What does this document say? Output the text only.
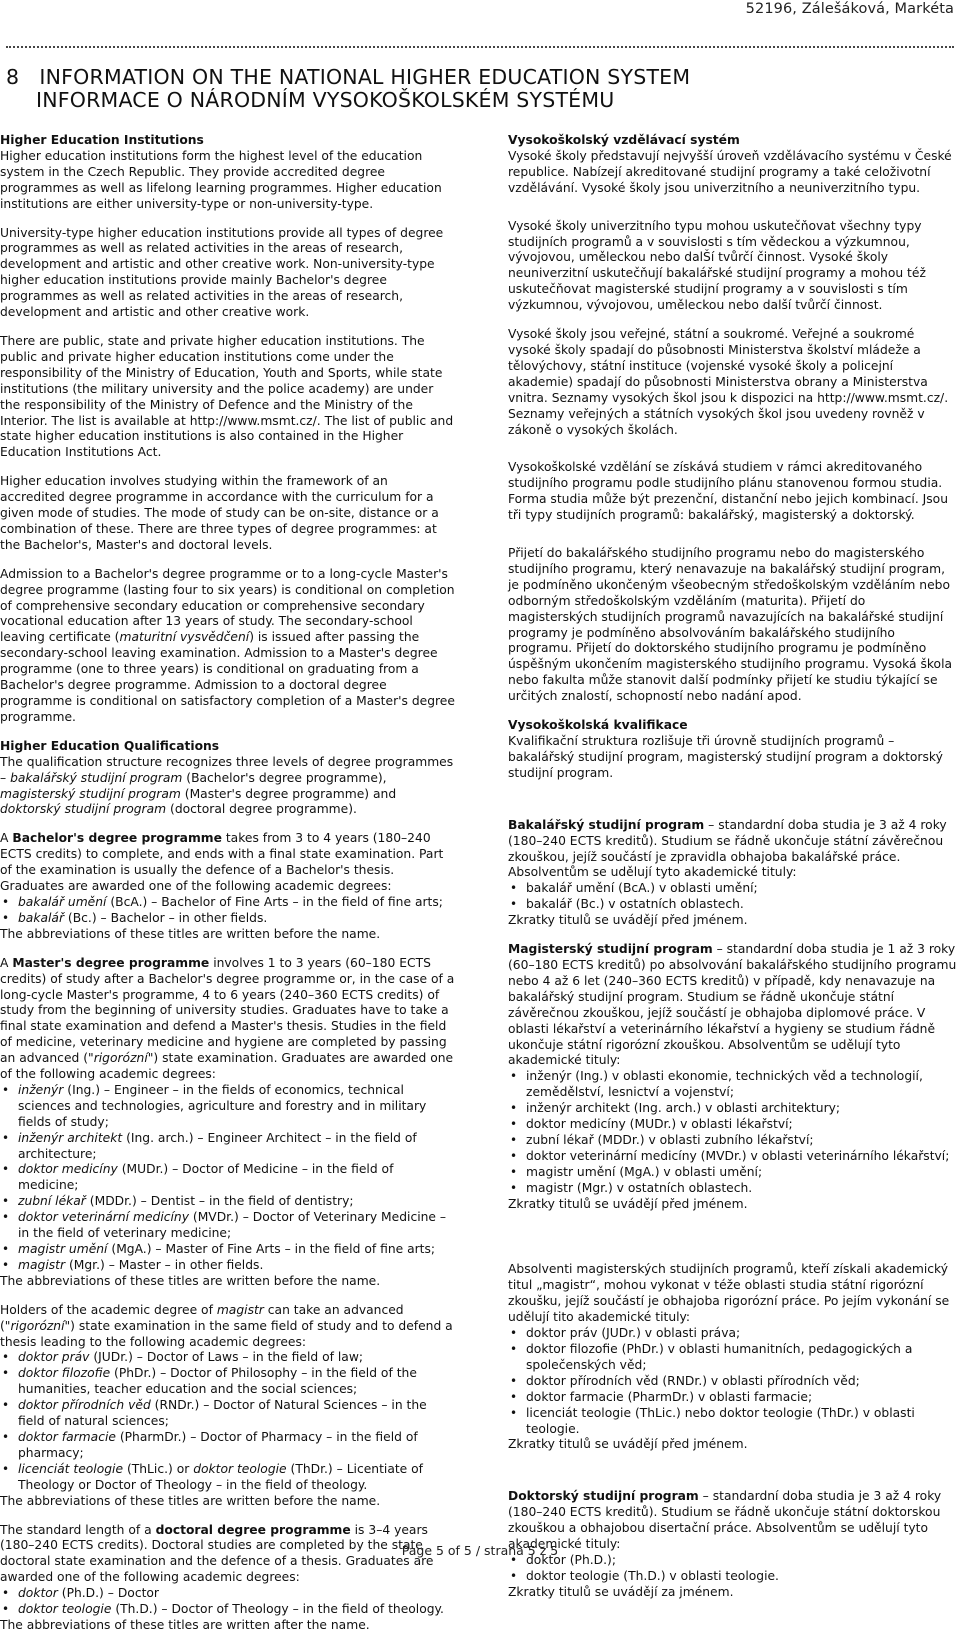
52196, Zálešáková, Markéta
8 INFORMATION ON THE NATIONAL HIGHER EDUCATION SYSTEM
INFORMACE O NÁRODNÍM VYSOKOŠKOLSKÉM SYSTÉMU
Higher Education Institutions

Higher education institutions form the highest level of the education system in the Czech Republic. They provide accredited degree programmes as well as lifelong learning programmes. Higher education institutions are either university-type or non-university-type.

University-type higher education institutions provide all types of degree programmes as well as related activities in the areas of research, development and artistic and other creative work. Non-university-type higher education institutions provide mainly Bachelor's degree programmes as well as related activities in the areas of research, development and artistic and other creative work.

There are public, state and private higher education institutions. The public and private higher education institutions come under the responsibility of the Ministry of Education, Youth and Sports, while state institutions (the military university and the police academy) are under the responsibility of the Ministry of Defence and the Ministry of the Interior. The list is available at http://www.msmt.cz/. The list of public and state higher education institutions is also contained in the Higher Education Institutions Act.

Higher education involves studying within the framework of an accredited degree programme in accordance with the curriculum for a given mode of studies. The mode of study can be on-site, distance or a combination of these. There are three types of degree programmes: at the Bachelor's, Master's and doctoral levels.

Admission to a Bachelor's degree programme or to a long-cycle Master's degree programme (lasting four to six years) is conditional on completion of comprehensive secondary education or comprehensive secondary vocational education after 13 years of study. The secondary-school leaving certificate (maturitní vysvědčení) is issued after passing the secondary-school leaving examination. Admission to a Master's degree programme (one to three years) is conditional on graduating from a Bachelor's degree programme. Admission to a doctoral degree programme is conditional on satisfactory completion of a Master's degree programme.

Higher Education Qualifications

The qualification structure recognizes three levels of degree programmes – bakalářský studijní program (Bachelor's degree programme), magisterský studijní program (Master's degree programme) and doktorský studijní program (doctoral degree programme).

A Bachelor's degree programme takes from 3 to 4 years (180–240 ECTS credits) to complete, and ends with a final state examination. Part of the examination is usually the defence of a Bachelor's thesis. Graduates are awarded one of the following academic degrees:

• bakalář umění (BcA.) – Bachelor of Fine Arts – in the field of fine arts;
• bakalář (Bc.) – Bachelor – in other fields.

The abbreviations of these titles are written before the name.

A Master's degree programme involves 1 to 3 years (60–180 ECTS credits) of study after a Bachelor's degree programme or, in the case of a long-cycle Master's programme, 4 to 6 years (240–360 ECTS credits) of study from the beginning of university studies. Graduates have to take a final state examination and defend a Master's thesis. Studies in the field of medicine, veterinary medicine and hygiene are completed by passing an advanced ("rigorózní") state examination. Graduates are awarded one of the following academic degrees:

• inženýr (Ing.) – Engineer – in the fields of economics, technical sciences and technologies, agriculture and forestry and in military fields of study;
• inženýr architekt (Ing. arch.) – Engineer Architect – in the field of architecture;
• doktor medicíny (MUDr.) – Doctor of Medicine – in the field of medicine;
• zubní lékař (MDDr.) – Dentist – in the field of dentistry;
• doktor veterinární medicíny (MVDr.) – Doctor of Veterinary Medicine – in the field of veterinary medicine;
• magistr umění (MgA.) – Master of Fine Arts – in the field of fine arts;
• magistr (Mgr.) – Master – in other fields.

The abbreviations of these titles are written before the name.

Holders of the academic degree of magistr can take an advanced ("rigorózní") state examination in the same field of study and to defend a thesis leading to the following academic degrees:

• doktor práv (JUDr.) – Doctor of Laws – in the field of law;
• doktor filozofie (PhDr.) – Doctor of Philosophy – in the field of the humanities, teacher education and the social sciences;
• doktor přírodních věd (RNDr.) – Doctor of Natural Sciences – in the field of natural sciences;
• doktor farmacie (PharmDr.) – Doctor of Pharmacy – in the field of pharmacy;
• licenciát teologie (ThLic.) or doktor teologie (ThDr.) – Licentiate of Theology or Doctor of Theology – in the field of theology.

The abbreviations of these titles are written before the name.

The standard length of a doctoral degree programme is 3–4 years (180–240 ECTS credits). Doctoral studies are completed by the state doctoral state examination and the defence of a thesis. Graduates are awarded one of the following academic degrees:

• doktor (Ph.D.) – Doctor
• doktor teologie (Th.D.) – Doctor of Theology – in the field of theology.

The abbreviations of these titles are written after the name.

Vysokoškolský vzdělávací systém

Vysoké školy představují nejvyšší úroveň vzdělávacího systému v České republice. Nabízejí akreditované studijní programy a také celoživotní vzdělávání. Vysoké školy jsou univerzitního a neuniverzitního typu.

Vysoké školy univerzitního typu mohou uskutečňovat všechny typy studijních programů a v souvislosti s tím vědeckou a výzkumnou, vývojovou, uměleckou nebo dalŠí tvůrčí činnost. Vysoké školy neuniverzitní uskutečňují bakalářské studijní programy a mohou též uskutečňovat magisterské studijní programy a v souvislosti s tím výzkumnou, vývojovou, uměleckou nebo další tvůrčí činnost.

Vysoké školy jsou veřejné, státní a soukromé. Veřejné a soukromé vysoké školy spadají do působnosti Ministerstva školství mládeže a tělovýchovy, státní instituce (vojenské vysoké školy a policejní akademie) spadají do působnosti Ministerstva obrany a Ministerstva vnitra. Seznamy vysokých škol jsou k dispozici na http://www.msmt.cz/. Seznamy veřejných a státních vysokých škol jsou uvedeny rovněž v zákoně o vysokých školách.

Vysokoškolské vzdělání se získává studiem v rámci akreditovaného studijního programu podle studijního plánu stanovenou formou studia. Forma studia může být prezenční, distanční nebo jejich kombinací. Jsou tři typy studijních programů: bakalářský, magisterský a doktorský.

Přijetí do bakalářského studijního programu nebo do magisterského studijního programu, který nenavazuje na bakalářský studijní program, je podmíněno ukončeným všeobecným středoškolským vzděláním nebo odborným středoškolským vzděláním (maturita). Přijetí do magisterských studijních programů navazujících na bakalářské studijní programy je podmíněno absolvováním bakalářského studijního programu. Přijetí do doktorského studijního programu je podmíněno úspěšným ukončením magisterského studijního programu. Vysoká škola nebo fakulta může stanovit další podmínky přijetí ke studiu týkající se určitých znalostí, schopností nebo nadání apod.

Vysokoškolská kvalifikace

Kvalifikační struktura rozlišuje tři úrovně studijních programů – bakalářský studijní program, magisterský studijní program a doktorský studijní program.

Bakalářský studijní program – standardní doba studia je 3 až 4 roky (180–240 ECTS kreditů). Studium se řádně ukončuje státní závěrečnou zkouškou, jejíž součástí je zpravidla obhajoba bakalářské práce. Absolventům se udělují tyto akademické tituly:

• bakalář umění (BcA.) v oblasti umění;
• bakalář (Bc.) v ostatních oblastech.

Zkratky titulů se uvádějí před jménem.

Magisterský studijní program – standardní doba studia je 1 až 3 roky (60–180 ECTS kreditů) po absolvování bakalářského studijního programu nebo 4 až 6 let (240–360 ECTS kreditů) v případě, kdy nenavazuje na bakalářský studijní program. Studium se řádně ukončuje státní závěrečnou zkouškou, jejíž součástí je obhajoba diplomové práce. V oblasti lékařství a veterinárního lékařství a hygieny se studium řádně ukončuje státní rigorózní zkouškou. Absolventům se udělují tyto akademické tituly:

• inženýr (Ing.) v oblasti ekonomie, technických věd a technologií, zemědělství, lesnictví a vojenství;
• inženýr architekt (Ing. arch.) v oblasti architektury;
• doktor medicíny (MUDr.) v oblasti lékařství;
• zubní lékař (MDDr.) v oblasti zubního lékařství;
• doktor veterinární medicíny (MVDr.) v oblasti veterinárního lékařství;
• magistr umění (MgA.) v oblasti umění;
• magistr (Mgr.) v ostatních oblastech.

Zkratky titulů se uvádějí před jménem.

Absolventi magisterských studijních programů, kteří získali akademický titul „magistr“, mohou vykonat v téže oblasti studia státní rigorózní zkoušku, jejíž součástí je obhajoba rigorózní práce. Po jejím vykonání se udělují tito akademické tituly:

• doktor práv (JUDr.) v oblasti práva;
• doktor filozofie (PhDr.) v oblasti humanitních, pedagogických a společenských věd;
• doktor přírodních věd (RNDr.) v oblasti přírodních věd;
• doktor farmacie (PharmDr.) v oblasti farmacie;
• licenciát teologie (ThLic.) nebo doktor teologie (ThDr.) v oblasti teologie.

Zkratky titulů se uvádějí před jménem.

Doktorský studijní program – standardní doba studia je 3 až 4 roky (180–240 ECTS kreditů). Studium se řádně ukončuje státní doktorskou zkouškou a obhajobou disertační práce. Absolventům se udělují tyto akademické tituly:

• doktor (Ph.D.);
• doktor teologie (Th.D.) v oblasti teologie.

Zkratky titulů se uvádějí za jménem.

Page 5 of 5 / strana 5 z 5
